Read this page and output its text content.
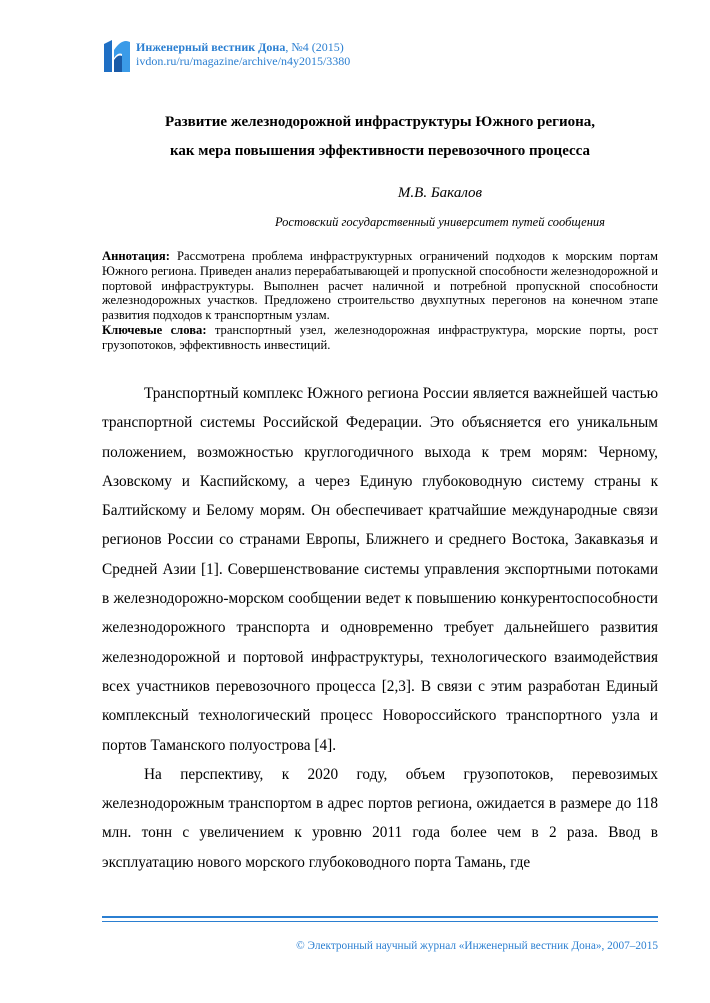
Инженерный вестник Дона, №4 (2015)
ivdon.ru/ru/magazine/archive/n4y2015/3380
Развитие железнодорожной инфраструктуры Южного региона,
как мера повышения эффективности перевозочного процесса
М.В. Бакалов
Ростовский государственный университет путей сообщения

Аннотация: Рассмотрена проблема инфраструктурных ограничений подходов к морским портам Южного региона. Приведен анализ перерабатывающей и пропускной способности железнодорожной и портовой инфраструктуры. Выполнен расчет наличной и потребной пропускной способности железнодорожных участков. Предложено строительство двухпутных перегонов на конечном этапе развития подходов к транспортным узлам.

Ключевые слова: транспортный узел, железнодорожная инфраструктура, морские порты, рост грузопотоков, эффективность инвестиций.

Транспортный комплекс Южного региона России является важнейшей частью транспортной системы Российской Федерации. Это объясняется его уникальным положением, возможностью круглогодичного выхода к трем морям: Черному, Азовскому и Каспийскому, а через Единую глубоководную систему страны к Балтийскому и Белому морям. Он обеспечивает кратчайшие международные связи регионов России со странами Европы, Ближнего и среднего Востока, Закавказья и Средней Азии [1]. Совершенствование системы управления экспортными потоками в железнодорожно-морском сообщении ведет к повышению конкурентоспособности железнодорожного транспорта и одновременно требует дальнейшего развития железнодорожной и портовой инфраструктуры, технологического взаимодействия всех участников перевозочного процесса [2,3]. В связи с этим разработан Единый комплексный технологический процесс Новороссийского транспортного узла и портов Таманского полуострова [4].

На перспективу, к 2020 году, объем грузопотоков, перевозимых железнодорожным транспортом в адрес портов региона, ожидается в размере до 118 млн. тонн с увеличением к уровню 2011 года более чем в 2 раза. Ввод в эксплуатацию нового морского глубоководного порта Тамань, где

© Электронный научный журнал «Инженерный вестник Дона», 2007–2015
